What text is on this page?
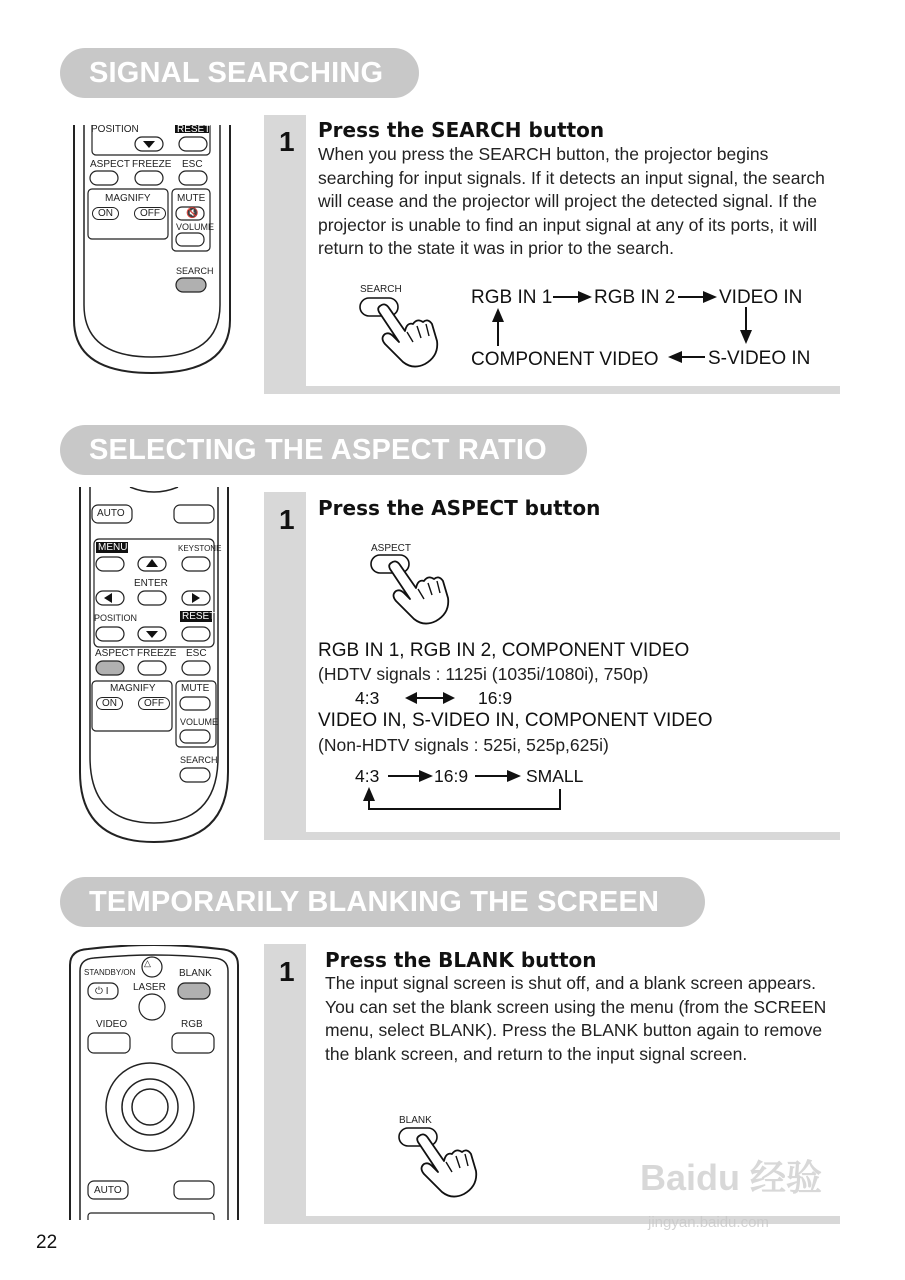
SIGNAL SEARCHING
POSITION	RESET
ASPECT FREEZE ESC
MAGNIFY
ON	OFF
MUTE
🔇
VOLUME
SEARCH
1 Press the SEARCH button
When you press the SEARCH button, the projector begins searching for input signals. If it detects an input signal, the search will cease and the projector will project the detected signal. If the projector is unable to find an input signal at any of its ports, it will return to the state it was in prior to the search.
SEARCH	RGB IN 1 RGB IN 2 VIDEO IN
S-VIDEO IN
COMPONENT VIDEO
SELECTING THE ASPECT RATIO
AUTO
MENU	KEYSTONE
ENTER
POSITION	RESET
ASPECT FREEZE ESC
MAGNIFY
ON	OFF
MUTE
VOLUME
SEARCH
1 Press the ASPECT button
ASPECT
RGB IN 1, RGB IN 2, COMPONENT VIDEO
(HDTV signals : 1125i (1035i/1080i), 750p)
4:3	16:9
VIDEO IN, S-VIDEO IN, COMPONENT VIDEO
(Non-HDTV signals : 525i, 525p,625i)
4:3	16:9	SMALL
TEMPORARILY BLANKING THE SCREEN
STANDBY/ON
△
LASER
BLANK
⏻ I
VIDEO	RGB
AUTO
1 Press the BLANK button
The input signal screen is shut off, and a blank screen appears. You can set the blank screen using the menu (from the SCREEN menu, select BLANK). Press the BLANK button again to remove the blank screen, and return to the input signal screen.
BLANK
22
Baidu 经验
jingyan.baidu.com
